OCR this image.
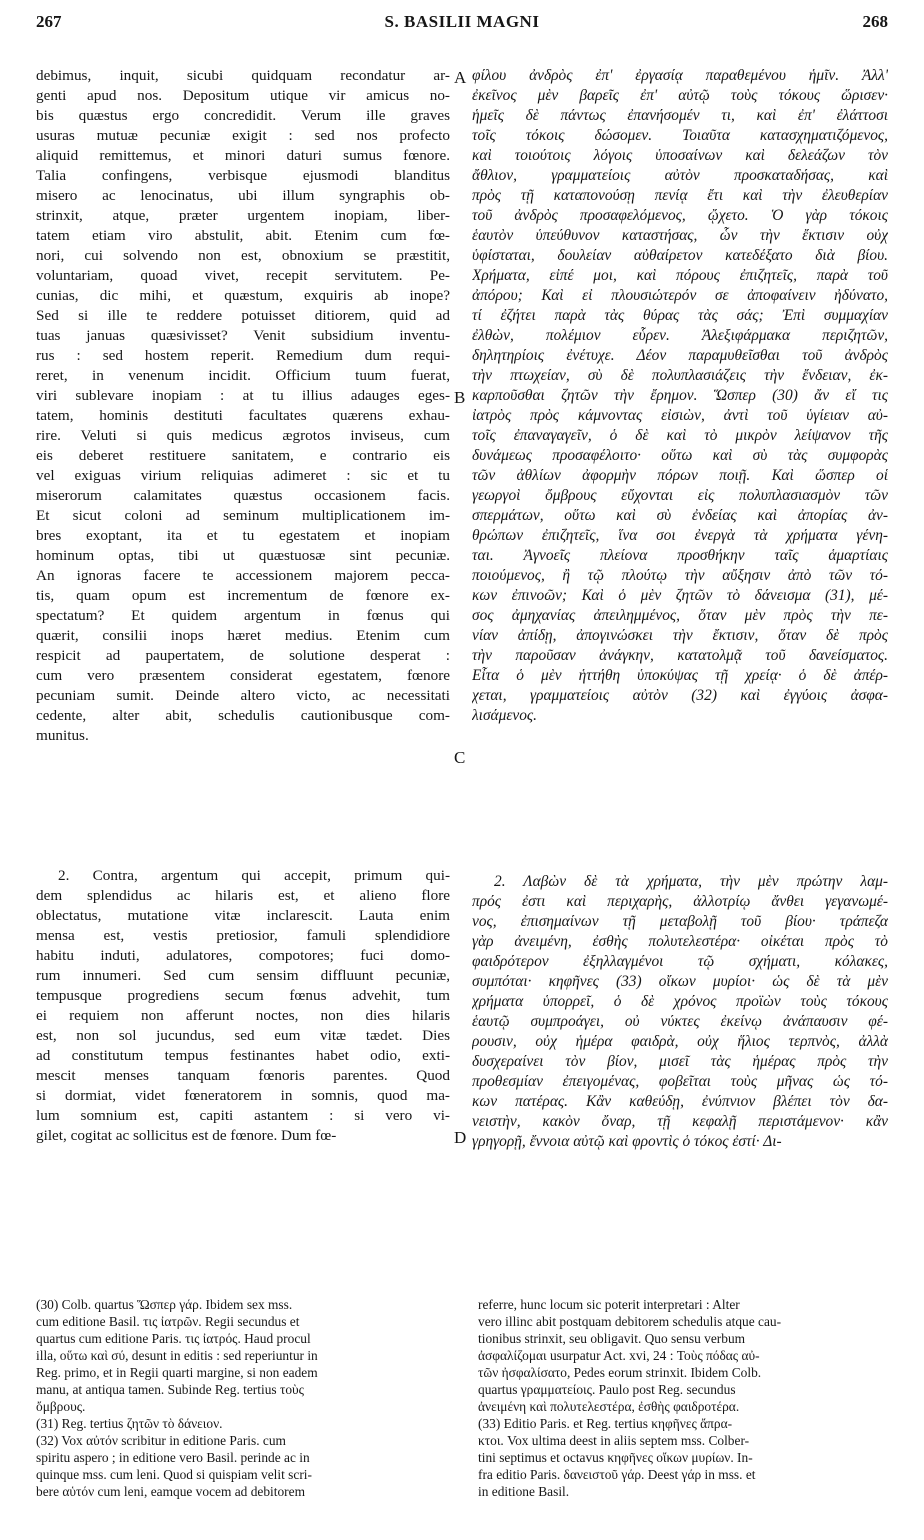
267	S. BASILII MAGNI	268
debimus, inquit, sicubi quidquam recondatur ar-
genti apud nos. Depositum utique vir amicus no-
bis quæstus ergo concredidit. Verum ille graves
usuras mutuæ pecuniæ exigit : sed nos profecto
aliquid remittemus, et minori daturi sumus fœnore.
Talia confingens, verbisque ejusmodi blanditus
misero ac lenocinatus, ubi illum syngraphis ob-
strinxit, atque, præter urgentem inopiam, liber-
tatem etiam viro abstulit, abit. Etenim cum fœ-
nori, cui solvendo non est, obnoxium se præstitit,
voluntariam, quoad vivet, recepit servitutem. Pe-
cunias, dic mihi, et quæstum, exquiris ab inope?
Sed si ille te reddere potuisset ditiorem, quid ad
tuas januas quæsivisset? Venit subsidium inventu-
rus : sed hostem reperit. Remedium dum requi-
reret, in venenum incidit. Officium tuum fuerat,
viri sublevare inopiam : at tu illius adauges eges-
tatem, hominis destituti facultates quærens exhau-
rire. Veluti si quis medicus ægrotos inviseus, cum
eis deberet restituere sanitatem, e contrario eis
vel exiguas virium reliquias adimeret : sic et tu
miserorum calamitates quæstus occasionem facis.
Et sicut coloni ad seminum multiplicationem im-
bres exoptant, ita et tu egestatem et inopiam
hominum optas, tibi ut quæstuosæ sint pecuniæ.
An ignoras facere te accessionem majorem pecca-
tis, quam opum est incrementum de fœnore ex-
spectatum? Et quidem argentum in fœnus qui
quærit, consilii inops hæret medius. Etenim cum
respicit ad paupertatem, de solutione desperat :
cum vero præsentem considerat egestatem, fœnore
pecuniam sumit. Deinde altero victo, ac necessitati
cedente, alter abit, schedulis cautionibusque com-
munitus.
φίλου ἀνδρὸς ἐπ' ἐργασίᾳ παραθεμένου ἡμῖν. Ἀλλ'
ἐκεῖνος μὲν βαρεῖς ἐπ' αὐτῷ τοὺς τόκους ὥρισεν·
ἡμεῖς δὲ πάντως ἐπανήσομέν τι, καὶ ἐπ' ἐλάττοσι
τοῖς τόκοις δώσομεν. Τοιαῦτα κατασχηματιζόμενος,
καὶ τοιούτοις λόγοις ὑποσαίνων καὶ δελεάζων τὸν
ἄθλιον, γραμματείοις αὐτὸν προσκαταδήσας, καὶ
πρὸς τῇ καταπονούσῃ πενίᾳ ἔτι καὶ τὴν ἐλευθερίαν
τοῦ ἀνδρὸς προσαφελόμενος, ᾤχετο. Ὁ γὰρ τόκοις
ἑαυτὸν ὑπεύθυνον καταστήσας, ὧν τὴν ἔκτισιν οὐχ
ὑφίσταται, δουλείαν αὐθαίρετον κατεδέξατο διὰ βίου.
Χρήματα, εἰπέ μοι, καὶ πόρους ἐπιζητεῖς, παρὰ τοῦ
ἀπόρου; Καὶ εἰ πλουσιώτερόν σε ἀποφαίνειν ἠδύνατο,
τί ἐζήτει παρὰ τὰς θύρας τὰς σάς; Ἐπὶ συμμαχίαν
ἐλθὼν, πολέμιον εὗρεν. Ἀλεξιφάρμακα περιζητῶν,
δηλητηρίοις ἐνέτυχε. Δέον παραμυθεῖσθαι τοῦ ἀνδρὸς
τὴν πτωχείαν, σὺ δὲ πολυπλασιάζεις τὴν ἔνδειαν, ἐκ-
καρποῦσθαι ζητῶν τὴν ἔρημον. Ὥσπερ (30) ἄν εἴ τις
ἰατρὸς πρὸς κάμνοντας εἰσιὼν, ἀντὶ τοῦ ὑγίειαν αὐ-
τοῖς ἐπαναγαγεῖν, ὁ δὲ καὶ τὸ μικρὸν λείψανον τῆς
δυνάμεως προσαφέλοιτο· οὕτω καὶ σὺ τὰς συμφορὰς
τῶν ἀθλίων ἀφορμὴν πόρων ποιῇ. Καὶ ὥσπερ οἱ
γεωργοὶ ὄμβρους εὔχονται εἰς πολυπλασιασμὸν τῶν
σπερμάτων, οὕτω καὶ σὺ ἐνδείας καὶ ἀπορίας ἀν-
θρώπων ἐπιζητεῖς, ἵνα σοι ἐνεργὰ τὰ χρήματα γένη-
ται. Ἀγνοεῖς πλείονα προσθήκην ταῖς ἁμαρτίαις
ποιούμενος, ἢ τῷ πλούτῳ τὴν αὔξησιν ἀπὸ τῶν τό-
κων ἐπινοῶν; Καὶ ὁ μὲν ζητῶν τὸ δάνεισμα (31), μέ-
σος ἀμηχανίας ἀπειλημμένος, ὅταν μὲν πρὸς τὴν πε-
νίαν ἀπίδῃ, ἀπογινώσκει τὴν ἔκτισιν, ὅταν δὲ πρὸς
τὴν παροῦσαν ἀνάγκην, κατατολμᾷ τοῦ δανείσματος.
Εἶτα ὁ μὲν ἡττήθη ὑποκύψας τῇ χρείᾳ· ὁ δὲ ἀπέρ-
χεται, γραμματείοις αὐτὸν (32) καὶ ἐγγύοις ἀσφα-
λισάμενος.
2. Contra, argentum qui accepit, primum qui-
dem splendidus ac hilaris est, et alieno flore
oblectatus, mutatione vitæ inclarescit. Lauta enim
mensa est, vestis pretiosior, famuli splendidiore
habitu induti, adulatores, compotores; fuci domo-
rum innumeri. Sed cum sensim diffluunt pecuniæ,
tempusque progrediens secum fœnus advehit, tum
ei requiem non afferunt noctes, non dies hilaris
est, non sol jucundus, sed eum vitæ tædet. Dies
ad constitutum tempus festinantes habet odio, exti-
mescit menses tanquam fœnoris parentes. Quod
si dormiat, videt fœneratorem in somnis, quod ma-
lum somnium est, capiti astantem : si vero vi-
gilet, cogitat ac sollicitus est de fœnore. Dum fœ-
2. Λαβὼν δὲ τὰ χρήματα, τὴν μὲν πρώτην λαμ-
πρός ἐστι καὶ περιχαρὴς, ἀλλοτρίῳ ἄνθει γεγανωμέ-
νος, ἐπισημαίνων τῇ μεταβολῇ τοῦ βίου· τράπεζα
γὰρ ἀνειμένη, ἐσθὴς πολυτελεστέρα· οἰκέται πρὸς τὸ
φαιδρότερον ἐξηλλαγμένοι τῷ σχήματι, κόλακες,
συμπόται· κηφῆνες (33) οἴκων μυρίοι· ὡς δὲ τὰ μὲν
χρήματα ὑπορρεῖ, ὁ δὲ χρόνος προϊὼν τοὺς τόκους
ἑαυτῷ συμπροάγει, οὐ νύκτες ἐκείνῳ ἀνάπαυσιν φέ-
ρουσιν, οὐχ ἡμέρα φαιδρὰ, οὐχ ἥλιος τερπνὸς, ἀλλὰ
δυσχεραίνει τὸν βίον, μισεῖ τὰς ἡμέρας πρὸς τὴν
προθεσμίαν ἐπειγομένας, φοβεῖται τοὺς μῆνας ὡς τό-
κων πατέρας. Κἂν καθεύδῃ, ἐνύπνιον βλέπει τὸν δα-
νειστὴν, κακὸν ὄναρ, τῇ κεφαλῇ περιστάμενον· κἂν
γρηγορῇ, ἔννοια αὐτῷ καὶ φροντὶς ὁ τόκος ἐστί· Δι-
A
B
C
D
(30) Colb. quartus Ὥσπερ γάρ. Ibidem sex mss.
cum editione Basil. τις ἰατρῶν. Regii secundus et
quartus cum editione Paris. τις ἰατρός. Haud procul
illa, οὕτω καὶ σύ, desunt in editis : sed reperiuntur in
Reg. primo, et in Regii quarti margine, si non eadem
manu, at antiqua tamen. Subinde Reg. tertius τοὺς
ὄμβρους.
(31) Reg. tertius ζητῶν τὸ δάνειον.
(32) Vox αὐτόν scribitur in editione Paris. cum
spiritu aspero ; in editione vero Basil. perinde ac in
quinque mss. cum leni. Quod si quispiam velit scri-
bere αὑτόν cum leni, eamque vocem ad debitorem
referre, hunc locum sic poterit interpretari : Alter
vero illinc abit postquam debitorem schedulis atque cau-
tionibus strinxit, seu obligavit. Quo sensu verbum
ἀσφαλίζομαι usurpatur Act. xvi, 24 : Τοὺς πόδας αὐ-
τῶν ἠσφαλίσατο, Pedes eorum strinxit. Ibidem Colb.
quartus γραμματείοις. Paulo post Reg. secundus
ἀνειμένη καὶ πολυτελεστέρα, ἐσθὴς φαιδροτέρα.
(33) Editio Paris. et Reg. tertius κηφῆνες ἄπρα-
κτοι. Vox ultima deest in aliis septem mss. Colber-
tini septimus et octavus κηφῆνες οἴκων μυρίων. In-
fra editio Paris. δανειστοῦ γάρ. Deest γάρ in mss. et
in editione Basil.
